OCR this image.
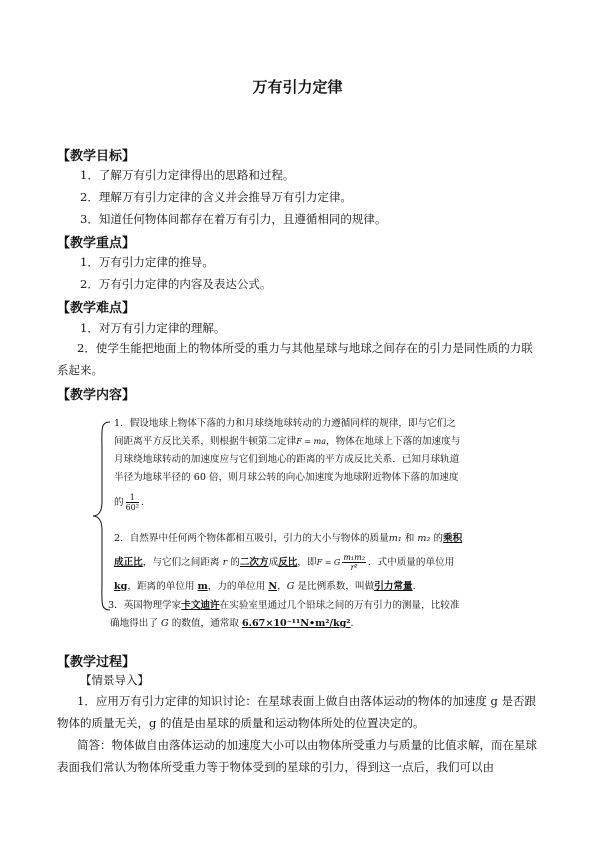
万有引力定律
【教学目标】
1．了解万有引力定律得出的思路和过程。
2．理解万有引力定律的含义并会推导万有引力定律。
3．知道任何物体间都存在着万有引力，且遵循相同的规律。
【教学重点】
1．万有引力定律的推导。
2．万有引力定律的内容及表达公式。
【教学难点】
1．对万有引力定律的理解。
2．使学生能把地面上的物体所受的重力与其他星球与地球之间存在的引力是同性质的力联系起来。
【教学内容】
1．假设地球上物体下落的力和月球绕地球转动的力遵循同样的规律，即与它们之
间距离平方反比关系，则根据牛顿第二定律F = ma，物体在地球上下落的加速度与
月球绕地球转动的加速度应与它们到地心的距离的平方成反比关系．已知月球轨道
半径为地球半径的 60 倍，则月球公转的向心加速度为地球附近物体下落的加速度
的 $\frac{1}{\text{60²}}$ ．
2．自然界中任何两个物体都相互吸引，引力的大小与物体的质量m₁ 和 m₂ 的乘积
成正比，与它们之间距离 r 的二次方成反比，即F = G $\frac{\text{m₁m₂}}{\text{r²}}$ ．式中质量的单位用
kg，距离的单位用 m，力的单位用 N，G 是比例系数，叫做引力常量．
3．英国物理学家卡文迪许在实验室里通过几个铅球之间的万有引力的测量，比较准
确地得出了 G 的数值，通常取 6.67×10⁻¹¹N•m²/kg²．
【教学过程】
【情景导入】
1．应用万有引力定律的知识讨论：在星球表面上做自由落体运动的物体的加速度 g 是否跟物体的质量无关，g 的值是由星球的质量和运动物体所处的位置决定的。
简答：物体做自由落体运动的加速度大小可以由物体所受重力与质量的比值求解，而在星球表面我们常认为物体所受重力等于物体受到的星球的引力，得到这一点后，我们可以由
